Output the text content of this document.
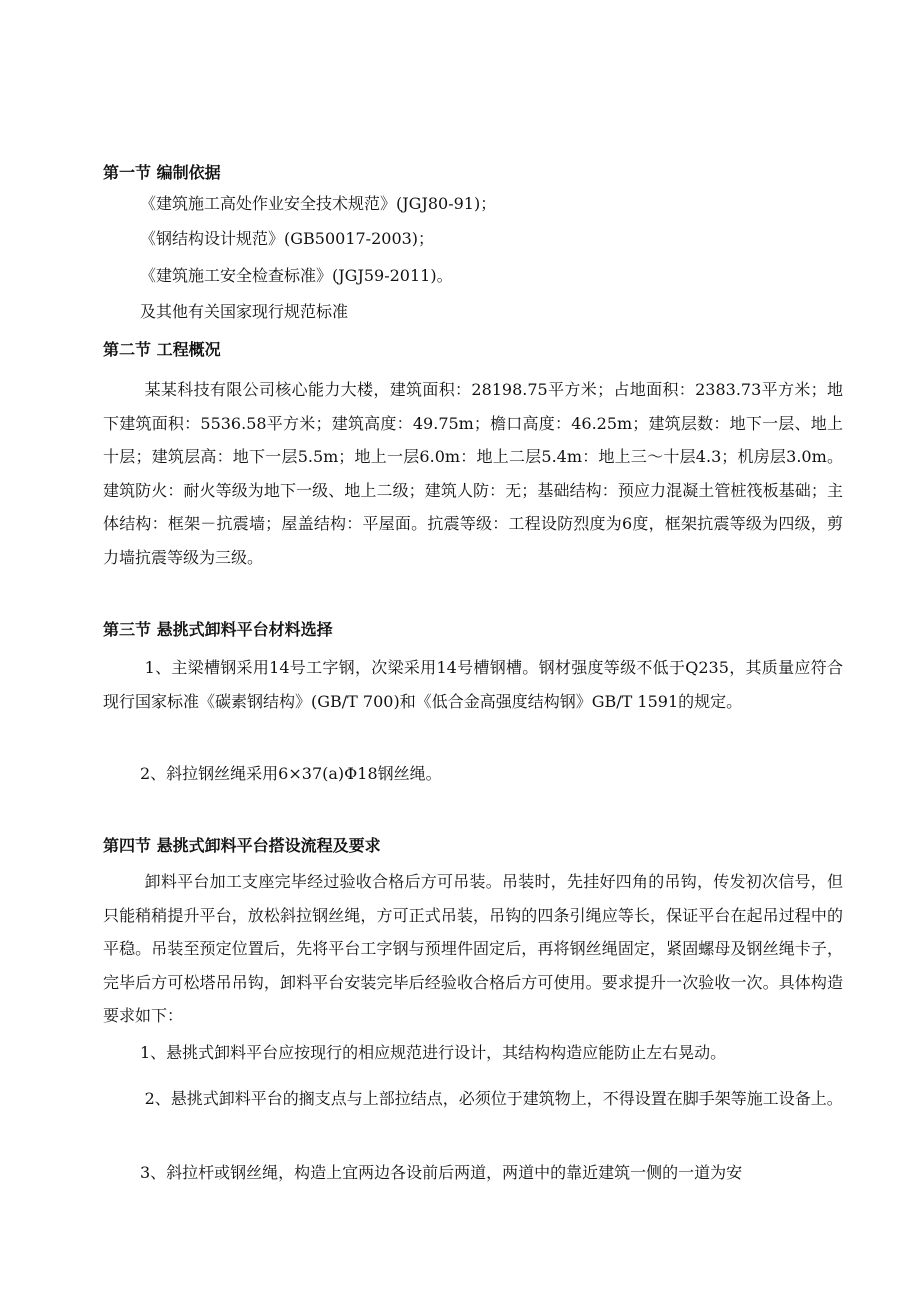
第一节 编制依据
《建筑施工高处作业安全技术规范》(JGJ80-91)；
《钢结构设计规范》(GB50017-2003)；
《建筑施工安全检查标准》(JGJ59-2011)。
及其他有关国家现行规范标准
第二节 工程概况

某某科技有限公司核心能力大楼，建筑面积：28198.75平方米；占地面积：2383.73平方米；地下建筑面积：5536.58平方米；建筑高度：49.75m；檐口高度：46.25m；建筑层数：地下一层、地上十层；建筑层高：地下一层5.5m；地上一层6.0m：地上二层5.4m：地上三～十层4.3；机房层3.0m。建筑防火：耐火等级为地下一级、地上二级；建筑人防：无；基础结构：预应力混凝土管桩筏板基础；主体结构：框架－抗震墙；屋盖结构：平屋面。抗震等级：工程设防烈度为6度，框架抗震等级为四级，剪力墙抗震等级为三级。

第三节 悬挑式卸料平台材料选择

1、主梁槽钢采用14号工字钢，次梁采用14号槽钢槽。钢材强度等级不低于Q235，其质量应符合现行国家标准《碳素钢结构》(GB/T 700)和《低合金高强度结构钢》GB/T 1591的规定。

2、斜拉钢丝绳采用6×37(a)Φ18钢丝绳。
第四节 悬挑式卸料平台搭设流程及要求

卸料平台加工支座完毕经过验收合格后方可吊装。吊装时，先挂好四角的吊钩，传发初次信号，但只能稍稍提升平台，放松斜拉钢丝绳，方可正式吊装，吊钩的四条引绳应等长，保证平台在起吊过程中的平稳。吊装至预定位置后，先将平台工字钢与预埋件固定后，再将钢丝绳固定，紧固螺母及钢丝绳卡子，完毕后方可松塔吊吊钩，卸料平台安装完毕后经验收合格后方可使用。要求提升一次验收一次。具体构造要求如下：

1、悬挑式卸料平台应按现行的相应规范进行设计，其结构构造应能防止左右晃动。

2、悬挑式卸料平台的搁支点与上部拉结点，必须位于建筑物上，不得设置在脚手架等施工设备上。

3、斜拉杆或钢丝绳，构造上宜两边各设前后两道，两道中的靠近建筑一侧的一道为安
